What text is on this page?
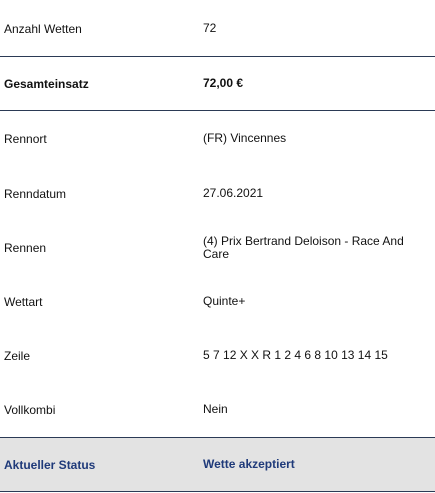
Anzahl Wetten	72
Gesamteinsatz	72,00 €
Rennort	(FR) Vincennes
Renndatum	27.06.2021
Rennen	(4) Prix Bertrand Deloison - Race And Care
Wettart	Quinte+
Zeile	5 7 12 X X R 1 2 4 6 8 10 13 14 15
Vollkombi	Nein
Aktueller Status	Wette akzeptiert
